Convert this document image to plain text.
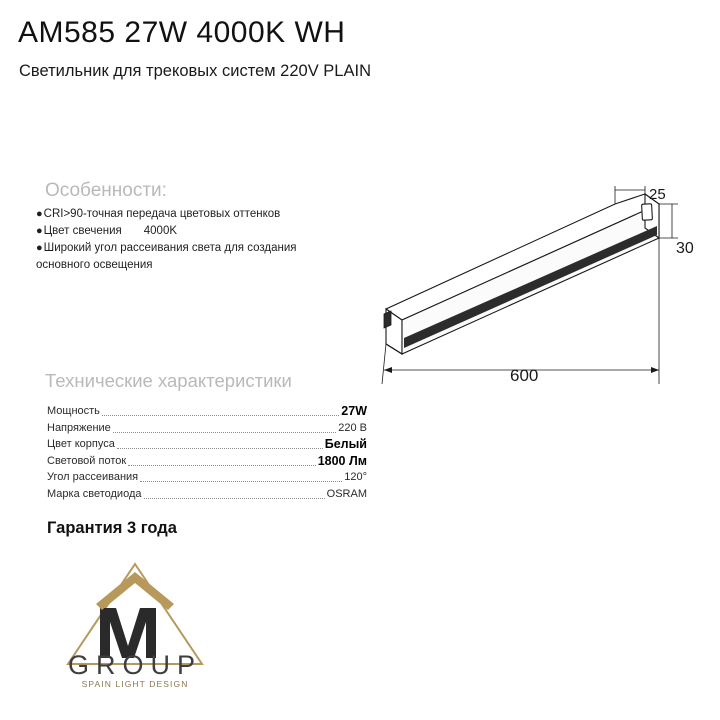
AM585 27W 4000K WH
Светильник для трековых систем 220V PLAIN
Особенности:
●CRI>90-точная передача цветовых оттенков
●Цвет свечения 4000K
●Широкий угол рассеивания света для создания основного освещения
Технические характеристики
Мощность	27W
Напряжение	220 В
Цвет корпуса	Белый
Световой поток	1800 Лм
Угол рассеивания	120°
Марка светодиода	OSRAM
Гарантия 3 года
25
30
600
GROUP
SPAIN LIGHT DESIGN
